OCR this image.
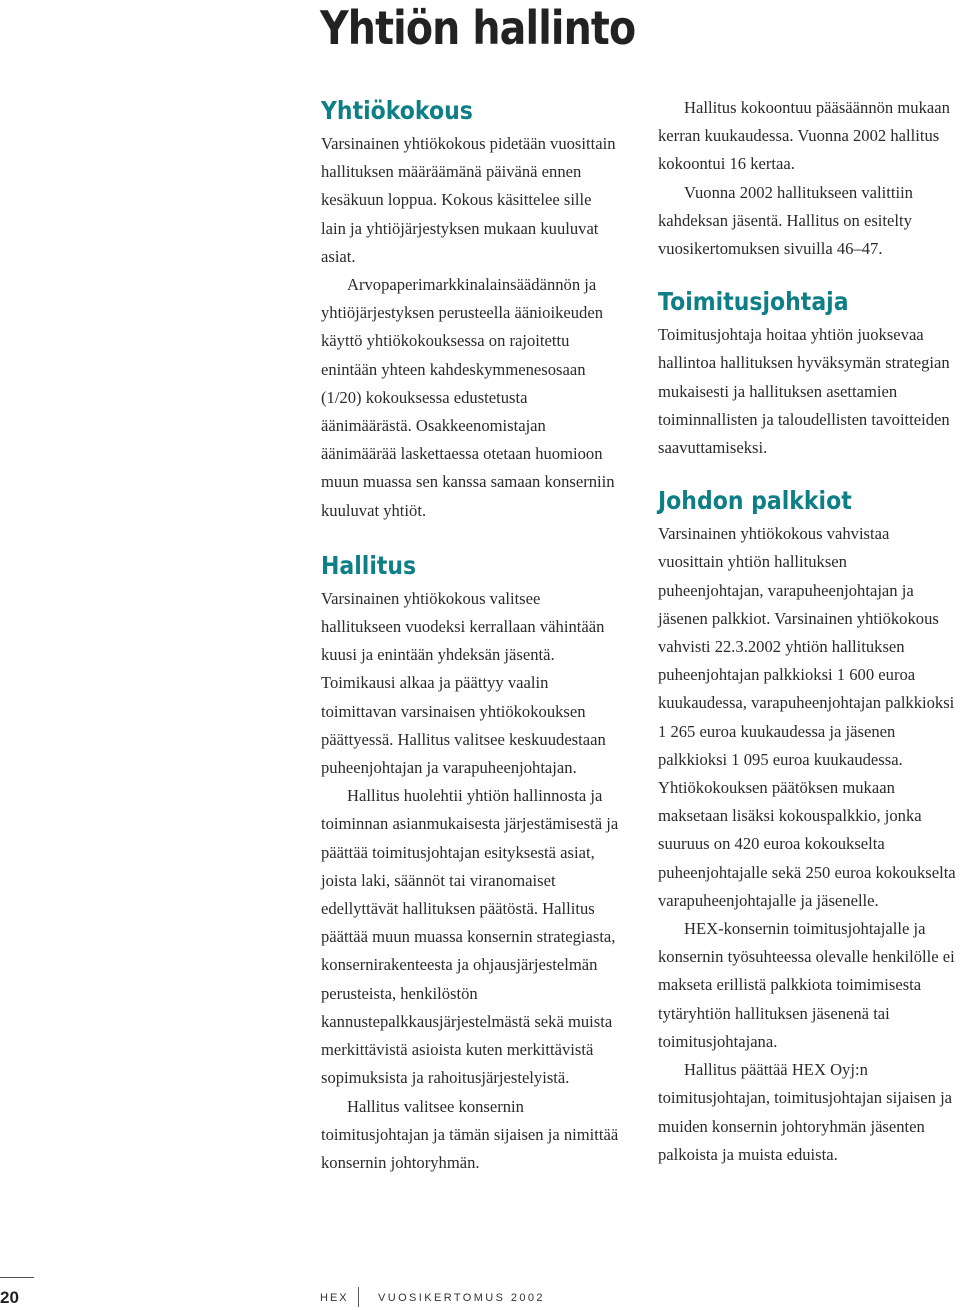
Yhtiön hallinto
Yhtiökokous

Varsinainen yhtiökokous pidetään vuosittain hallituksen määräämänä päivänä ennen kesäkuun loppua. Kokous käsittelee sille lain ja yhtiöjärjestyksen mukaan kuuluvat asiat.

Arvopaperimarkkinalainsäädännön ja yhtiöjärjestyksen perusteella äänioikeuden käyttö yhtiökokouksessa on rajoitettu enintään yhteen kahdeskymmenesosaan (1/20) kokouksessa edustetusta äänimäärästä. Osakkeenomistajan äänimäärää laskettaessa otetaan huomioon muun muassa sen kanssa samaan konserniin kuuluvat yhtiöt.

Hallitus

Varsinainen yhtiökokous valitsee hallitukseen vuodeksi kerrallaan vähintään kuusi ja enintään yhdeksän jäsentä. Toimikausi alkaa ja päättyy vaalin toimittavan varsinaisen yhtiökokouksen päättyessä. Hallitus valitsee keskuudestaan puheenjohtajan ja varapuheenjohtajan.

Hallitus huolehtii yhtiön hallinnosta ja toiminnan asianmukaisesta järjestämisestä ja päättää toimitusjohtajan esityksestä asiat, joista laki, säännöt tai viranomaiset edellyttävät hallituksen päätöstä. Hallitus päättää muun muassa konsernin strategiasta, konsernirakenteesta ja ohjausjärjestelmän perusteista, henkilöstön kannustepalkkausjärjestelmästä sekä muista merkittävistä asioista kuten merkittävistä sopimuksista ja rahoitusjärjestelyistä.

Hallitus valitsee konsernin toimitusjohtajan ja tämän sijaisen ja nimittää konsernin johtoryhmän.

Hallitus kokoontuu pääsäännön mukaan kerran kuukaudessa. Vuonna 2002 hallitus kokoontui 16 kertaa.

Vuonna 2002 hallitukseen valittiin kahdeksan jäsentä. Hallitus on esitelty vuosikertomuksen sivuilla 46–47.

Toimitusjohtaja

Toimitusjohtaja hoitaa yhtiön juoksevaa hallintoa hallituksen hyväksymän strategian mukaisesti ja hallituksen asettamien toiminnallisten ja taloudellisten tavoitteiden saavuttamiseksi.

Johdon palkkiot

Varsinainen yhtiökokous vahvistaa vuosittain yhtiön hallituksen puheenjohtajan, varapuheenjohtajan ja jäsenen palkkiot. Varsinainen yhtiökokous vahvisti 22.3.2002 yhtiön hallituksen puheenjohtajan palkkioksi 1 600 euroa kuukaudessa, varapuheenjohtajan palkkioksi 1 265 euroa kuukaudessa ja jäsenen palkkioksi 1 095 euroa kuukaudessa. Yhtiökokouksen päätöksen mukaan maksetaan lisäksi kokouspalkkio, jonka suuruus on 420 euroa kokoukselta puheenjohtajalle sekä 250 euroa kokoukselta varapuheenjohtajalle ja jäsenelle.

HEX-konsernin toimitusjohtajalle ja konsernin työsuhteessa olevalle henkilölle ei makseta erillistä palkkiota toimimisesta tytäryhtiön hallituksen jäsenenä tai toimitusjohtajana.

Hallitus päättää HEX Oyj:n toimitusjohtajan, toimitusjohtajan sijaisen ja muiden konsernin johtoryhmän jäsenten palkoista ja muista eduista.

20	HEX	VUOSIKERTOMUS 2002
